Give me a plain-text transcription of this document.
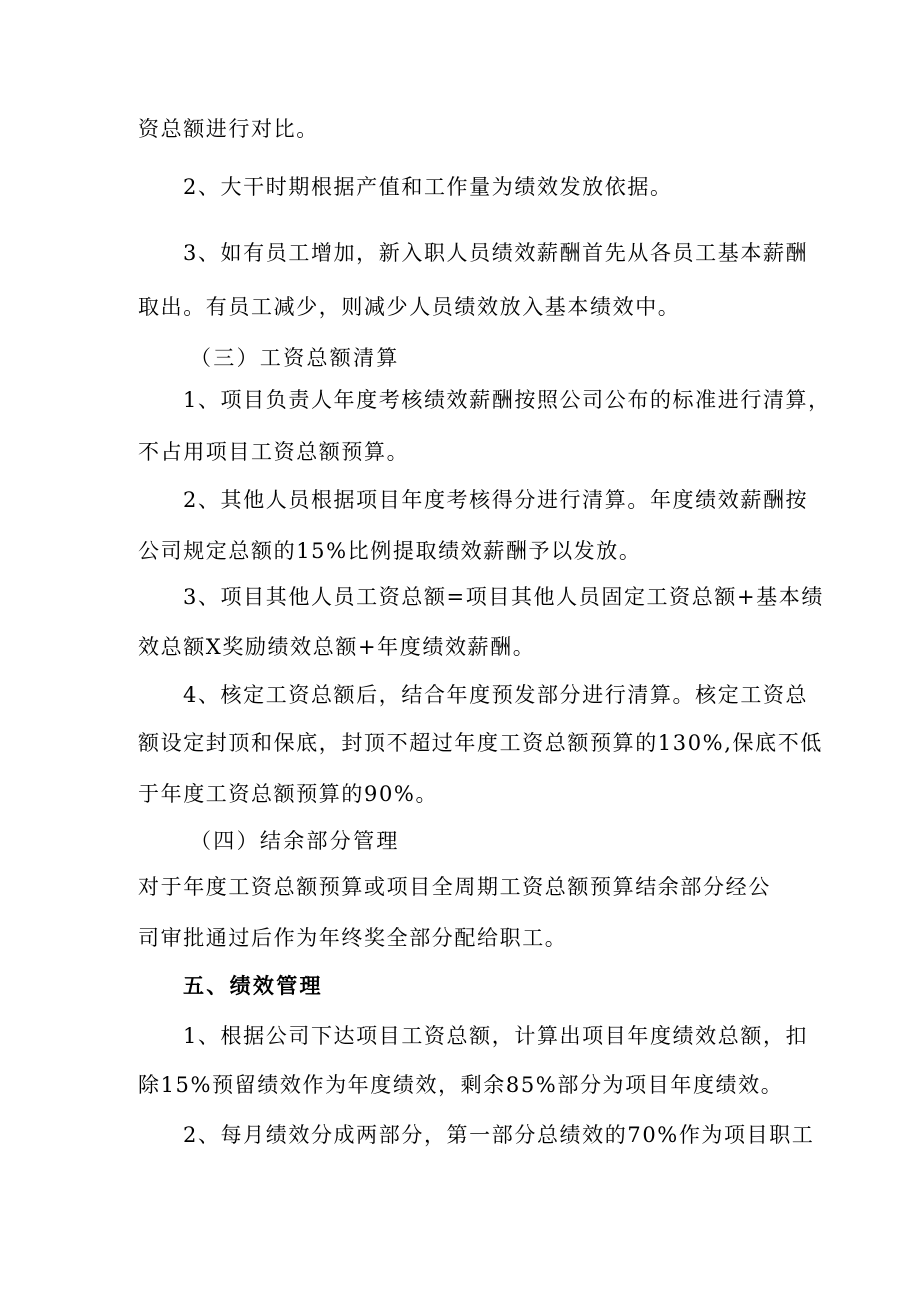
资总额进行对比。

2、大干时期根据产值和工作量为绩效发放依据。

3、如有员工增加，新入职人员绩效薪酬首先从各员工基本薪酬

取出。有员工减少，则减少人员绩效放入基本绩效中。

（三）工资总额清算

1、项目负责人年度考核绩效薪酬按照公司公布的标准进行清算，

不占用项目工资总额预算。

2、其他人员根据项目年度考核得分进行清算。年度绩效薪酬按

公司规定总额的15%比例提取绩效薪酬予以发放。

3、项目其他人员工资总额=项目其他人员固定工资总额+基本绩

效总额X奖励绩效总额+年度绩效薪酬。

4、核定工资总额后，结合年度预发部分进行清算。核定工资总

额设定封顶和保底，封顶不超过年度工资总额预算的130%,保底不低

于年度工资总额预算的90%。

（四）结余部分管理

对于年度工资总额预算或项目全周期工资总额预算结余部分经公

司审批通过后作为年终奖全部分配给职工。

五、绩效管理

1、根据公司下达项目工资总额，计算出项目年度绩效总额，扣

除15%预留绩效作为年度绩效，剩余85%部分为项目年度绩效。

2、每月绩效分成两部分，第一部分总绩效的70%作为项目职工
